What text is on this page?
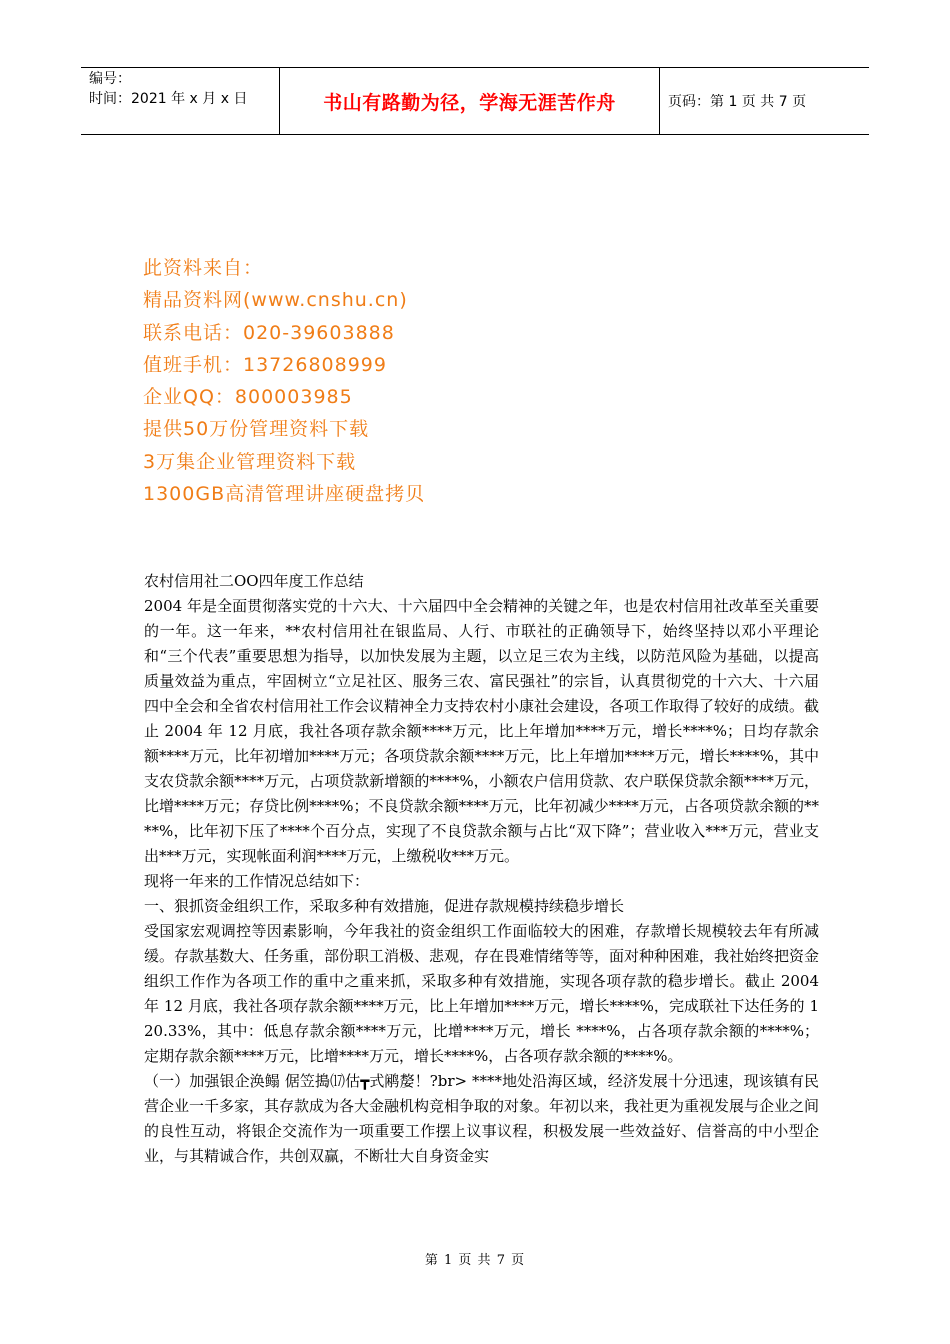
编号：
时间：2021 年 x 月 x 日	书山有路勤为径，学海无涯苦作舟	页码：第 1 页 共 7 页
此资料来自：
精品资料网(www.cnshu.cn)
联系电话：020-39603888
值班手机：13726808999
企业QQ：800003985
提供50万份管理资料下载
3万集企业管理资料下载
1300GB高清管理讲座硬盘拷贝

农村信用社二OO四年度工作总结

2004 年是全面贯彻落实党的十六大、十六届四中全会精神的关键之年，也是农村信用社改革至关重要的一年。这一年来，**农村信用社在银监局、人行、市联社的正确领导下，始终坚持以邓小平理论和“三个代表”重要思想为指导，以加快发展为主题，以立足三农为主线，以防范风险为基础，以提高质量效益为重点，牢固树立“立足社区、服务三农、富民强社”的宗旨，认真贯彻党的十六大、十六届四中全会和全省农村信用社工作会议精神全力支持农村小康社会建设，各项工作取得了较好的成绩。截止 2004 年 12 月底，我社各项存款余额****万元，比上年增加****万元，增长****%；日均存款余额****万元，比年初增加****万元；各项贷款余额****万元，比上年增加****万元，增长****%，其中支农贷款余额****万元，占项贷款新增额的****%，小额农户信用贷款、农户联保贷款余额****万元，比增****万元；存贷比例****%；不良贷款余额****万元，比年初减少****万元，占各项贷款余额的****%，比年初下压了****个百分点，实现了不良贷款余额与占比“双下降”；营业收入***万元，营业支出***万元，实现帐面利润****万元，上缴税收***万元。

现将一年来的工作情况总结如下：

一、狠抓资金组织工作，采取多种有效措施，促进存款规模持续稳步增长

受国家宏观调控等因素影响，今年我社的资金组织工作面临较大的困难，存款增长规模较去年有所减缓。存款基数大、任务重，部份职工消极、悲观，存在畏难情绪等等，面对种种困难，我社始终把资金组织工作作为各项工作的重中之重来抓，采取多种有效措施，实现各项存款的稳步增长。截止 2004 年 12 月底，我社各项存款余额****万元，比上年增加****万元，增长****%，完成联社下达任务的 120.33%，其中：低息存款余额****万元，比增****万元，增长 ****%，占各项存款余额的****%；定期存款余额****万元，比增****万元，增长****%，占各项存款余额的****%。

（一）加强银企涣鳎 倨笠搗⒄估┳式鹇嫠！?br> ****地处沿海区域，经济发展十分迅速，现该镇有民营企业一千多家，其存款成为各大金融机构竞相争取的对象。年初以来，我社更为重视发展与企业之间的良性互动，将银企交流作为一项重要工作摆上议事议程，积极发展一些效益好、信誉高的中小型企业，与其精诚合作，共创双赢，不断壮大自身资金实

第 1 页 共 7 页
